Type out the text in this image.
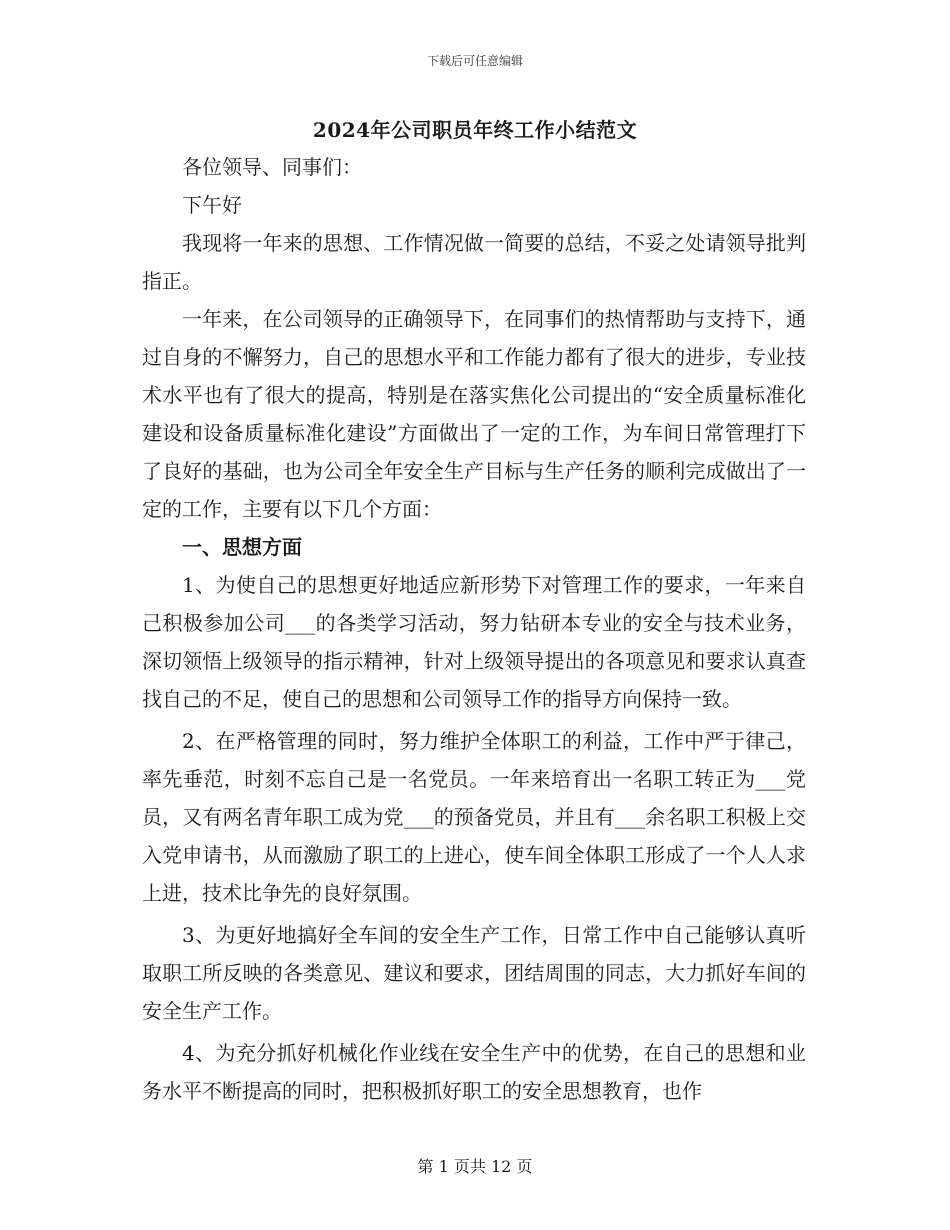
下载后可任意编辑
2024年公司职员年终工作小结范文

各位领导、同事们：

下午好

我现将一年来的思想、工作情况做一简要的总结，不妥之处请领导批判指正。

一年来，在公司领导的正确领导下，在同事们的热情帮助与支持下，通过自身的不懈努力，自己的思想水平和工作能力都有了很大的进步，专业技术水平也有了很大的提高，特别是在落实焦化公司提出的“安全质量标准化建设和设备质量标准化建设”方面做出了一定的工作，为车间日常管理打下了良好的基础，也为公司全年安全生产目标与生产任务的顺利完成做出了一定的工作，主要有以下几个方面：

一、思想方面

1、为使自己的思想更好地适应新形势下对管理工作的要求，一年来自己积极参加公司___的各类学习活动，努力钻研本专业的安全与技术业务，深切领悟上级领导的指示精神，针对上级领导提出的各项意见和要求认真查找自己的不足，使自己的思想和公司领导工作的指导方向保持一致。

2、在严格管理的同时，努力维护全体职工的利益，工作中严于律己，率先垂范，时刻不忘自己是一名党员。一年来培育出一名职工转正为___党员，又有两名青年职工成为党___的预备党员，并且有___余名职工积极上交入党申请书，从而激励了职工的上进心，使车间全体职工形成了一个人人求上进，技术比争先的良好氛围。

3、为更好地搞好全车间的安全生产工作，日常工作中自己能够认真听取职工所反映的各类意见、建议和要求，团结周围的同志，大力抓好车间的安全生产工作。

4、为充分抓好机械化作业线在安全生产中的优势，在自己的思想和业务水平不断提高的同时，把积极抓好职工的安全思想教育，也作

第 1 页共 12 页
